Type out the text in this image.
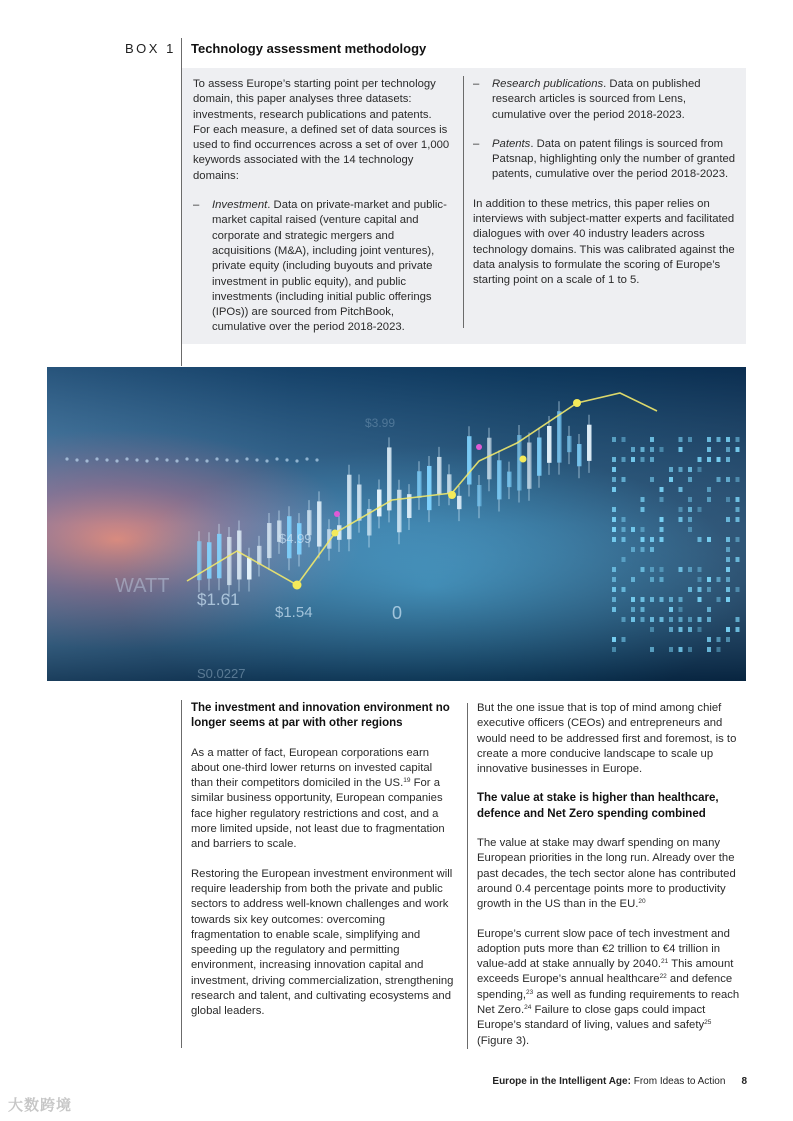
BOX 1 Technology assessment methodology

To assess Europe’s starting point per technology domain, this paper analyses three datasets: investments, research publications and patents. For each measure, a defined set of data sources is used to find occurrences across a set of over 1,000 keywords associated with the 14 technology domains:

– Investment. Data on private-market and public-market capital raised (venture capital and corporate and strategic mergers and acquisitions (M&A), including joint ventures), private equity (including buyouts and private investment in public equity), and public investments (including initial public offerings (IPOs)) are sourced from PitchBook, cumulative over the period 2018-2023.
– Research publications. Data on published research articles is sourced from Lens, cumulative over the period 2018-2023.
– Patents. Data on patent filings is sourced from Patsnap, highlighting only the number of granted patents, cumulative over the period 2018-2023.

In addition to these metrics, this paper relies on interviews with subject-matter experts and facilitated dialogues with over 40 industry leaders across technology domains. This was calibrated against the data analysis to formulate the scoring of Europe’s starting point on a scale of 1 to 5.

$4.99
$1.61
$1.54	0
WATT
S0.0227
$3.99

The investment and innovation environment no longer seems at par with other regions

As a matter of fact, European corporations earn about one-third lower returns on invested capital than their competitors domiciled in the US.$^{19}$ For a similar business opportunity, European companies face higher regulatory restrictions and cost, and a more limited upside, not least due to fragmentation and barriers to scale.

Restoring the European investment environment will require leadership from both the private and public sectors to address well-known challenges and work towards six key outcomes: overcoming fragmentation to enable scale, simplifying and speeding up the regulatory and permitting environment, increasing innovation capital and investment, driving commercialization, strengthening research and talent, and cultivating ecosystems and global leaders.

But the one issue that is top of mind among chief executive officers (CEOs) and entrepreneurs and would need to be addressed first and foremost, is to create a more conducive landscape to scale up innovative businesses in Europe.

The value at stake is higher than healthcare, defence and Net Zero spending combined

The value at stake may dwarf spending on many European priorities in the long run. Already over the past decades, the tech sector alone has contributed around 0.4 percentage points more to productivity growth in the US than in the EU.$^{20}$

Europe’s current slow pace of tech investment and adoption puts more than €2 trillion to €4 trillion in value-add at stake annually by 2040.21 This amount exceeds Europe’s annual healthcare$^{22}$ and defence spending,$^{23}$ as well as funding requirements to reach Net Zero.$^{24}$ Failure to close gaps could impact Europe’s standard of living, values and safety$^{25}$ (Figure 3).

Europe in the Intelligent Age: From Ideas to Action 8
大数跨境
